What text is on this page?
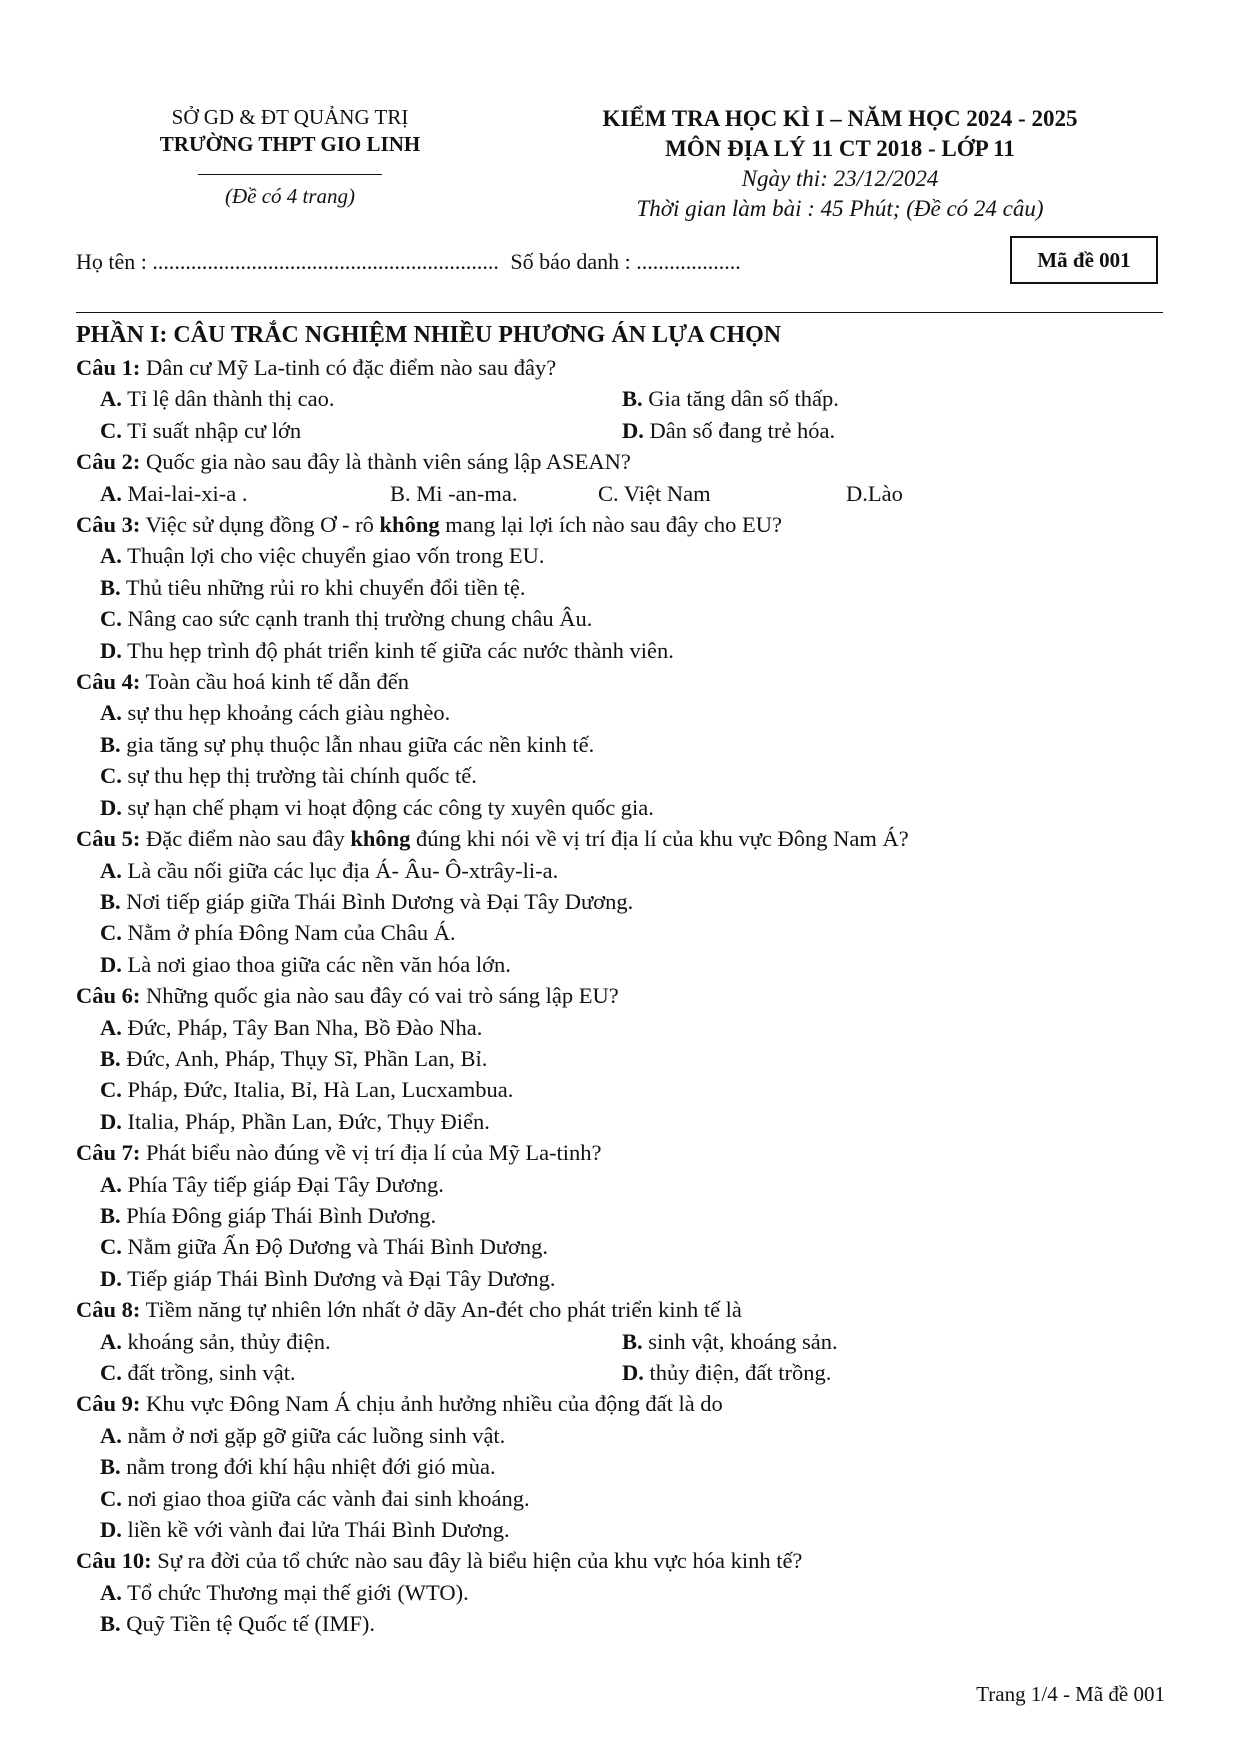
SỞ GD & ĐT QUẢNG TRỊ
TRƯỜNG THPT GIO LINH
(Đề có 4 trang)
KIỂM TRA HỌC KÌ I – NĂM HỌC 2024 - 2025
MÔN ĐỊA LÝ 11 CT 2018 - LỚP 11
Ngày thi: 23/12/2024
Thời gian làm bài : 45 Phút; (Đề có 24 câu)
Họ tên : ............................................................... Số báo danh : ...................	Mã đề 001
PHẦN I: CÂU TRẮC NGHIỆM NHIỀU PHƯƠNG ÁN LỰA CHỌN
Câu 1: Dân cư Mỹ La-tinh có đặc điểm nào sau đây?
A. Tỉ lệ dân thành thị cao.	B. Gia tăng dân số thấp.
C. Tỉ suất nhập cư lớn	D. Dân số đang trẻ hóa.
Câu 2: Quốc gia nào sau đây là thành viên sáng lập ASEAN?
A. Mai-lai-xi-a .	B. Mi -an-ma.	C. Việt Nam	D.Lào
Câu 3: Việc sử dụng đồng Ơ - rô không mang lại lợi ích nào sau đây cho EU?
A. Thuận lợi cho việc chuyển giao vốn trong EU.
B. Thủ tiêu những rủi ro khi chuyển đổi tiền tệ.
C. Nâng cao sức cạnh tranh thị trường chung châu Âu.
D. Thu hẹp trình độ phát triển kinh tế giữa các nước thành viên.
Câu 4: Toàn cầu hoá kinh tế dẫn đến
A. sự thu hẹp khoảng cách giàu nghèo.
B. gia tăng sự phụ thuộc lẫn nhau giữa các nền kinh tế.
C. sự thu hẹp thị trường tài chính quốc tế.
D. sự hạn chế phạm vi hoạt động các công ty xuyên quốc gia.
Câu 5: Đặc điểm nào sau đây không đúng khi nói về vị trí địa lí của khu vực Đông Nam Á?
A. Là cầu nối giữa các lục địa Á- Âu- Ô-xtrây-li-a.
B. Nơi tiếp giáp giữa Thái Bình Dương và Đại Tây Dương.
C. Nằm ở phía Đông Nam của Châu Á.
D. Là nơi giao thoa giữa các nền văn hóa lớn.
Câu 6: Những quốc gia nào sau đây có vai trò sáng lập EU?
A. Đức, Pháp, Tây Ban Nha, Bồ Đào Nha.
B. Đức, Anh, Pháp, Thụy Sĩ, Phần Lan, Bỉ.
C. Pháp, Đức, Italia, Bỉ, Hà Lan, Lucxambua.
D. Italia, Pháp, Phần Lan, Đức, Thụy Điển.
Câu 7: Phát biểu nào đúng về vị trí địa lí của Mỹ La-tinh?
A. Phía Tây tiếp giáp Đại Tây Dương.
B. Phía Đông giáp Thái Bình Dương.
C. Nằm giữa Ấn Độ Dương và Thái Bình Dương.
D. Tiếp giáp Thái Bình Dương và Đại Tây Dương.
Câu 8: Tiềm năng tự nhiên lớn nhất ở dãy An-đét cho phát triển kinh tế là
A. khoáng sản, thủy điện.	B. sinh vật, khoáng sản.
C. đất trồng, sinh vật.	D. thủy điện, đất trồng.
Câu 9: Khu vực Đông Nam Á chịu ảnh hưởng nhiều của động đất là do
A. nằm ở nơi gặp gỡ giữa các luồng sinh vật.
B. nằm trong đới khí hậu nhiệt đới gió mùa.
C. nơi giao thoa giữa các vành đai sinh khoáng.
D. liền kề với vành đai lửa Thái Bình Dương.
Câu 10: Sự ra đời của tổ chức nào sau đây là biểu hiện của khu vực hóa kinh tế?
A. Tổ chức Thương mại thế giới (WTO).
B. Quỹ Tiền tệ Quốc tế (IMF).
Trang 1/4 - Mã đề 001
